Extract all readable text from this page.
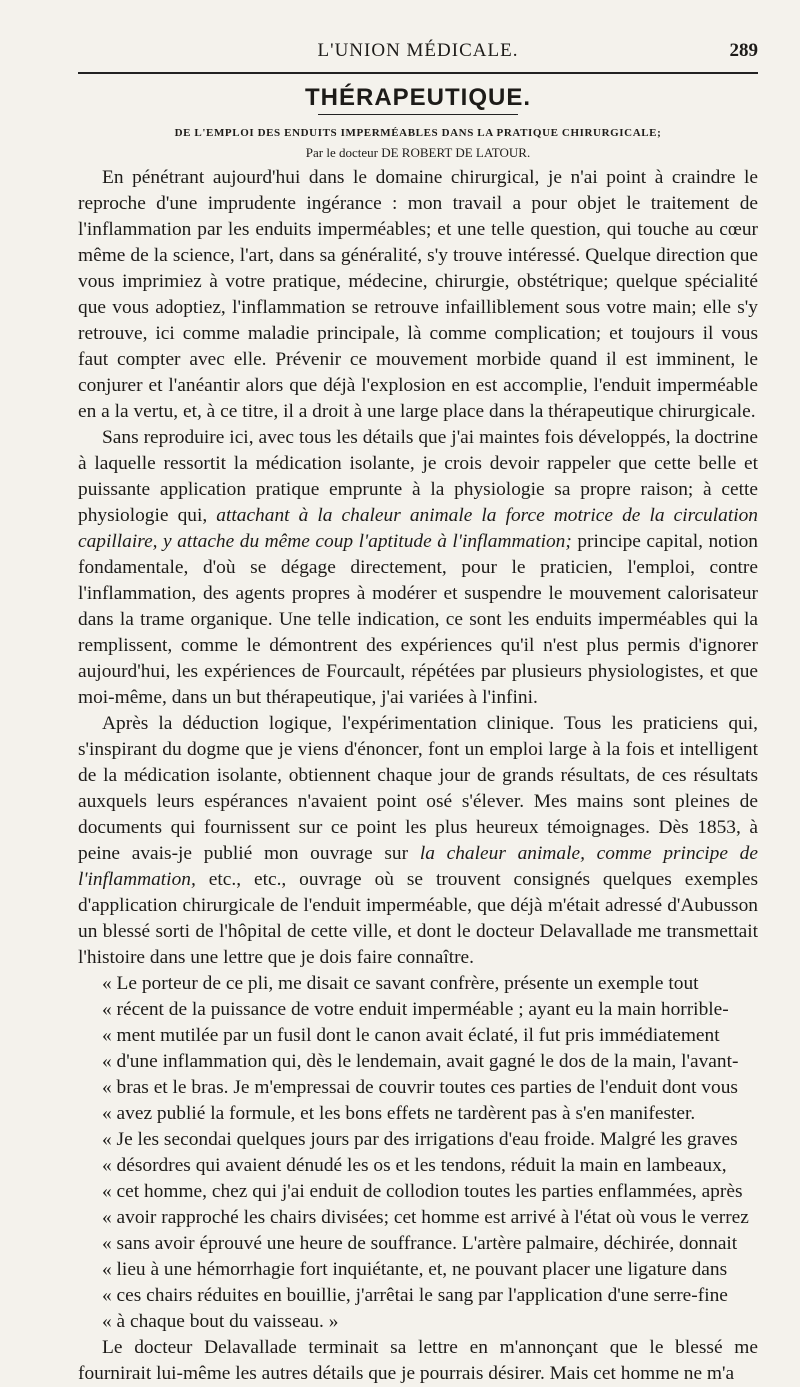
L'UNION MÉDICALE.	289
THÉRAPEUTIQUE.
DE L'EMPLOI DES ENDUITS IMPERMÉABLES DANS LA PRATIQUE CHIRURGICALE;
Par le docteur DE ROBERT DE LATOUR.

En pénétrant aujourd'hui dans le domaine chirurgical, je n'ai point à craindre le reproche d'une imprudente ingérance : mon travail a pour objet le traitement de l'inflammation par les enduits imperméables; et une telle question, qui touche au cœur même de la science, l'art, dans sa généralité, s'y trouve intéressé. Quelque direction que vous imprimiez à votre pratique, médecine, chirurgie, obstétrique; quelque spécialité que vous adoptiez, l'inflammation se retrouve infailliblement sous votre main; elle s'y retrouve, ici comme maladie principale, là comme complication; et toujours il vous faut compter avec elle. Prévenir ce mouvement morbide quand il est imminent, le conjurer et l'anéantir alors que déjà l'explosion en est accomplie, l'enduit imperméable en a la vertu, et, à ce titre, il a droit à une large place dans la thérapeutique chirurgicale.

Sans reproduire ici, avec tous les détails que j'ai maintes fois développés, la doctrine à laquelle ressortit la médication isolante, je crois devoir rappeler que cette belle et puissante application pratique emprunte à la physiologie sa propre raison; à cette physiologie qui, attachant à la chaleur animale la force motrice de la circulation capillaire, y attache du même coup l'aptitude à l'inflammation; principe capital, notion fondamentale, d'où se dégage directement, pour le praticien, l'emploi, contre l'inflammation, des agents propres à modérer et suspendre le mouvement calorisateur dans la trame organique. Une telle indication, ce sont les enduits imperméables qui la remplissent, comme le démontrent des expériences qu'il n'est plus permis d'ignorer aujourd'hui, les expériences de Fourcault, répétées par plusieurs physiologistes, et que moi-même, dans un but thérapeutique, j'ai variées à l'infini.

Après la déduction logique, l'expérimentation clinique. Tous les praticiens qui, s'inspirant du dogme que je viens d'énoncer, font un emploi large à la fois et intelligent de la médication isolante, obtiennent chaque jour de grands résultats, de ces résultats auxquels leurs espérances n'avaient point osé s'élever. Mes mains sont pleines de documents qui fournissent sur ce point les plus heureux témoignages. Dès 1853, à peine avais-je publié mon ouvrage sur la chaleur animale, comme principe de l'inflammation, etc., etc., ouvrage où se trouvent consignés quelques exemples d'application chirurgicale de l'enduit imperméable, que déjà m'était adressé d'Aubusson un blessé sorti de l'hôpital de cette ville, et dont le docteur Delavallade me transmettait l'histoire dans une lettre que je dois faire connaître.

« Le porteur de ce pli, me disait ce savant confrère, présente un exemple tout
« récent de la puissance de votre enduit imperméable ; ayant eu la main horrible-
« ment mutilée par un fusil dont le canon avait éclaté, il fut pris immédiatement
« d'une inflammation qui, dès le lendemain, avait gagné le dos de la main, l'avant-
« bras et le bras. Je m'empressai de couvrir toutes ces parties de l'enduit dont vous
« avez publié la formule, et les bons effets ne tardèrent pas à s'en manifester.
« Je les secondai quelques jours par des irrigations d'eau froide. Malgré les graves
« désordres qui avaient dénudé les os et les tendons, réduit la main en lambeaux,
« cet homme, chez qui j'ai enduit de collodion toutes les parties enflammées, après
« avoir rapproché les chairs divisées; cet homme est arrivé à l'état où vous le verrez
« sans avoir éprouvé une heure de souffrance. L'artère palmaire, déchirée, donnait
« lieu à une hémorrhagie fort inquiétante, et, ne pouvant placer une ligature dans
« ces chairs réduites en bouillie, j'arrêtai le sang par l'application d'une serre-fine
« à chaque bout du vaisseau. »

Le docteur Delavallade terminait sa lettre en m'annonçant que le blessé me fournirait lui-même les autres détails que je pourrais désirer. Mais cet homme ne m'a
